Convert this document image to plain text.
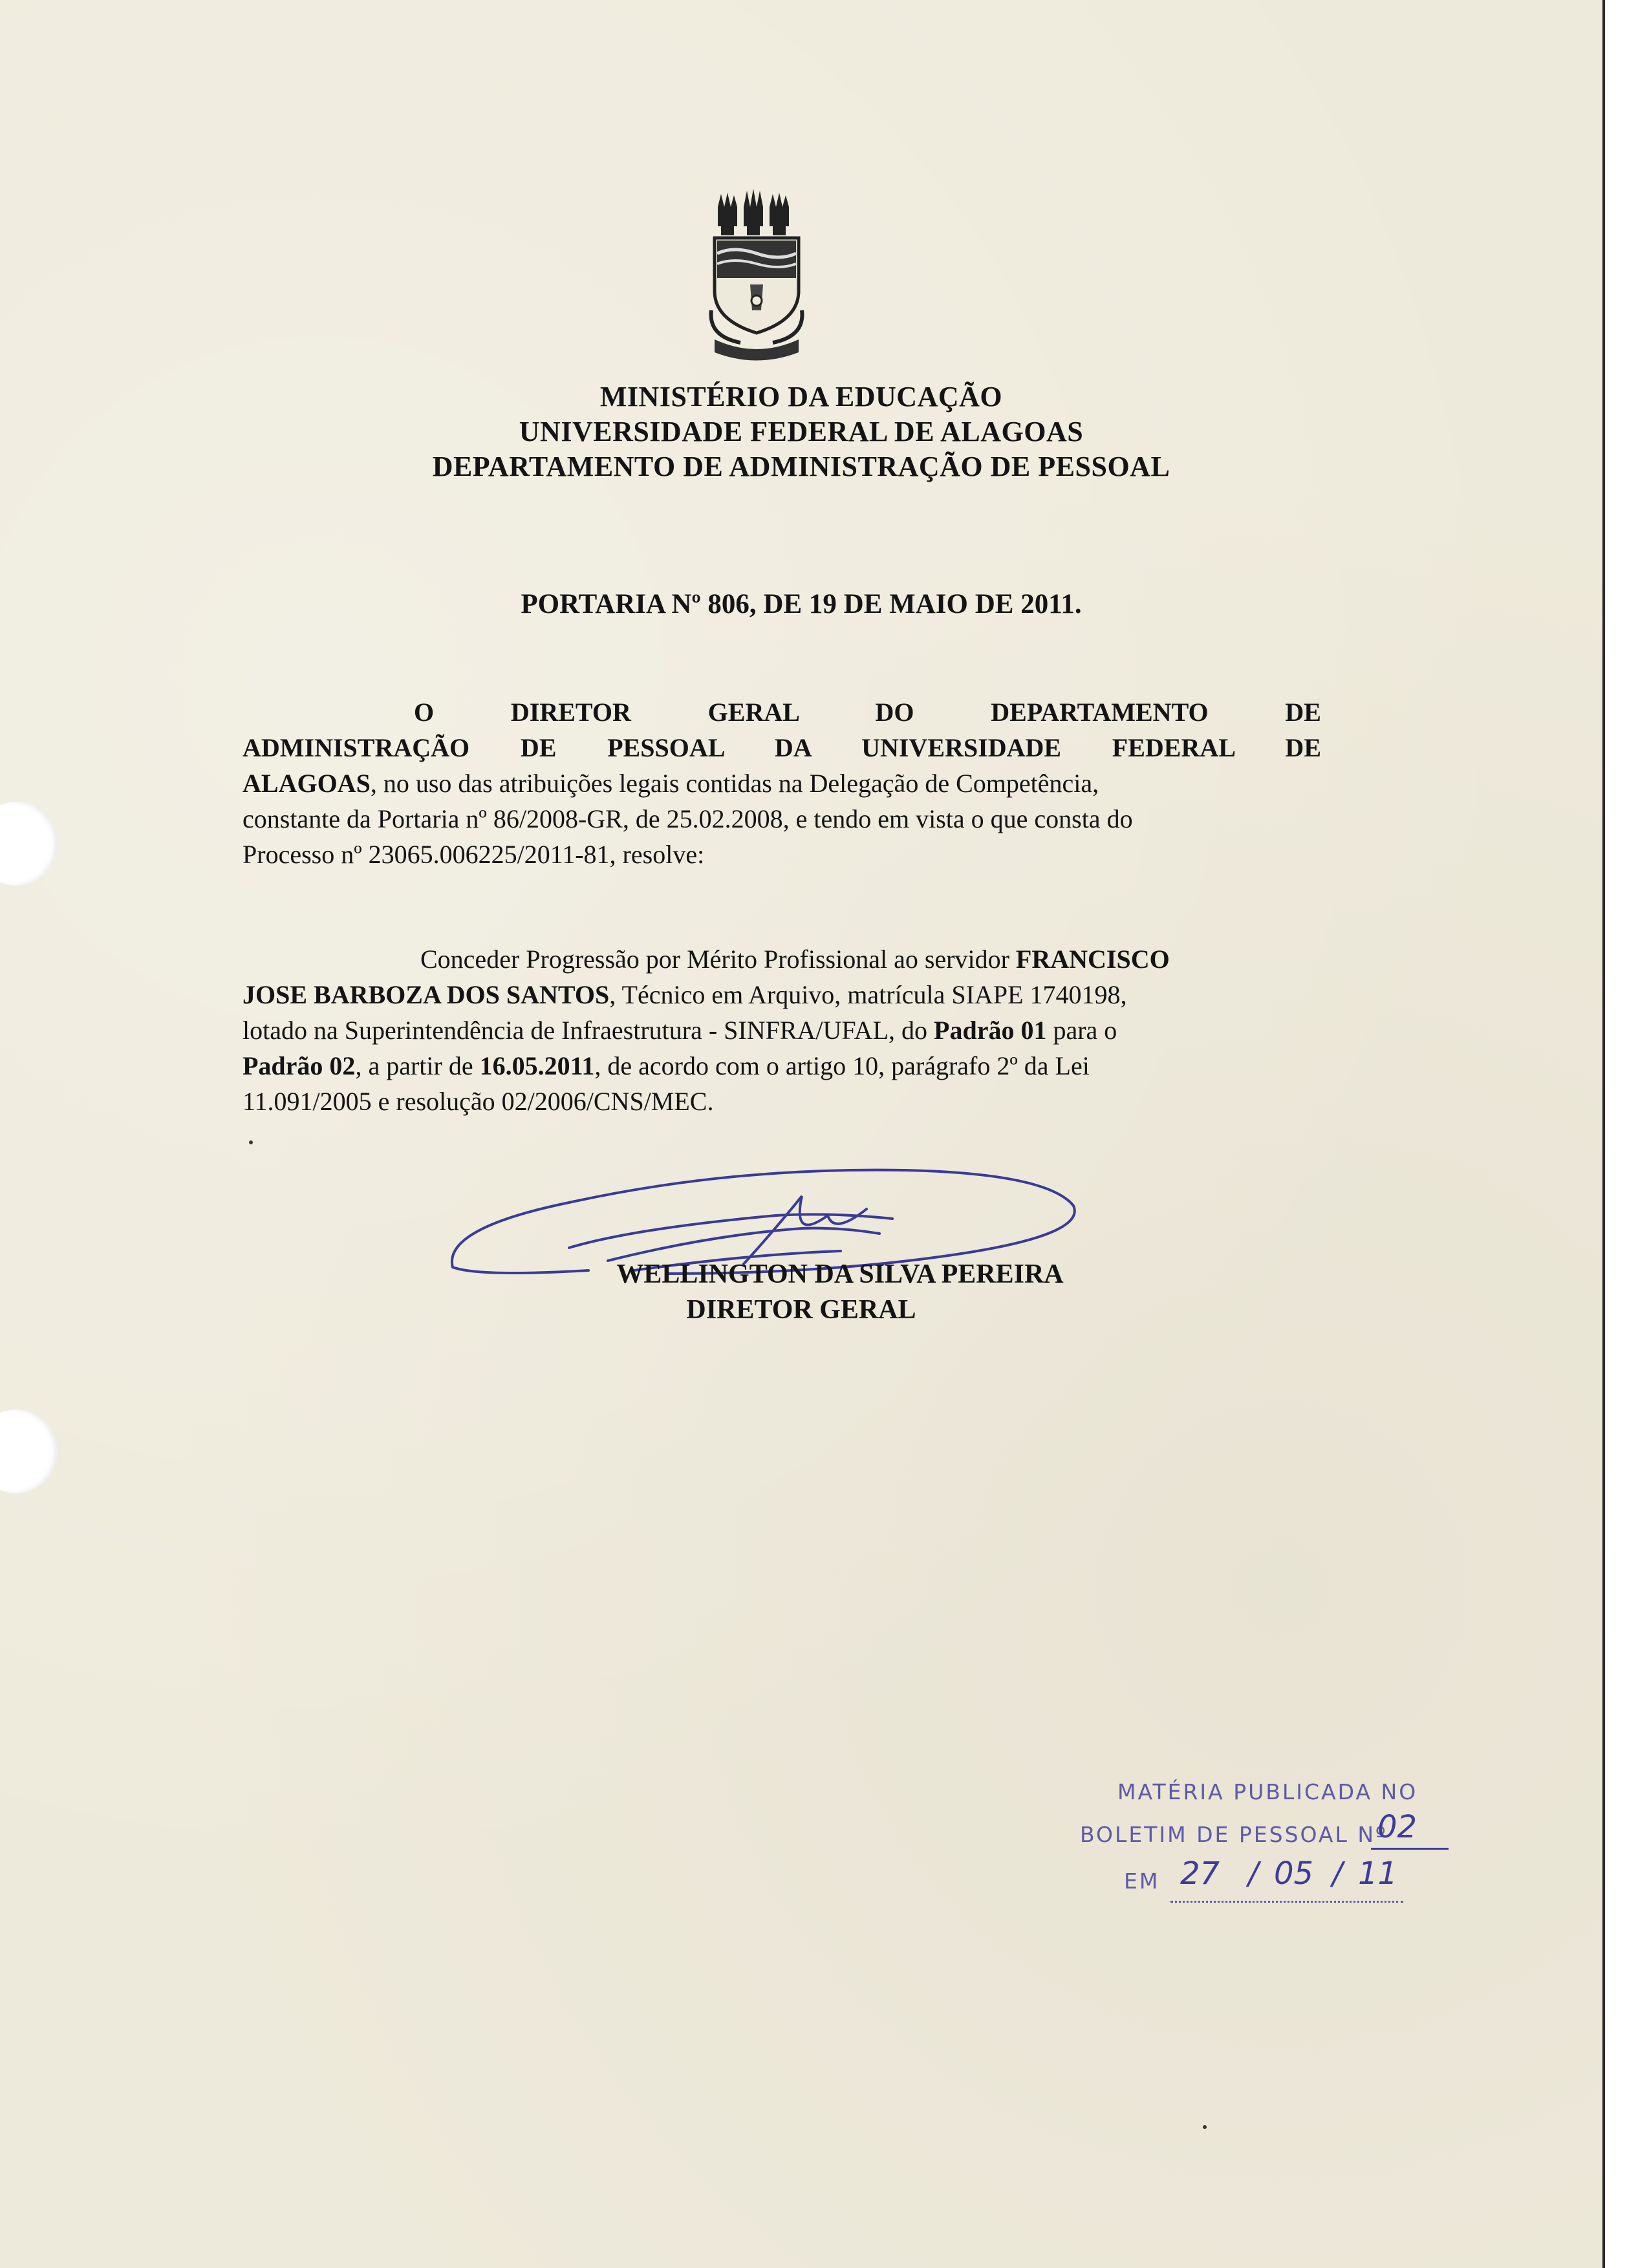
MINISTÉRIO DA EDUCAÇÃO
UNIVERSIDADE FEDERAL DE ALAGOAS
DEPARTAMENTO DE ADMINISTRAÇÃO DE PESSOAL
PORTARIA Nº 806, DE 19 DE MAIO DE 2011.
O DIRETOR GERAL DO DEPARTAMENTO DE
ADMINISTRAÇÃO DE PESSOAL DA UNIVERSIDADE FEDERAL DE
ALAGOAS, no uso das atribuições legais contidas na Delegação de Competência,
constante da Portaria nº 86/2008-GR, de 25.02.2008, e tendo em vista o que consta do
Processo nº 23065.006225/2011-81, resolve:
Conceder Progressão por Mérito Profissional ao servidor FRANCISCO
JOSE BARBOZA DOS SANTOS, Técnico em Arquivo, matrícula SIAPE 1740198,
lotado na Superintendência de Infraestrutura - SINFRA/UFAL, do Padrão 01 para o
Padrão 02, a partir de 16.05.2011, de acordo com o artigo 10, parágrafo 2º da Lei
11.091/2005 e resolução 02/2006/CNS/MEC.
WELLINGTON DA SILVA PEREIRA
DIRETOR GERAL
MATÉRIA PUBLICADA NO
BOLETIM DE PESSOAL Nº
02
EM 27 / 05 / 11
